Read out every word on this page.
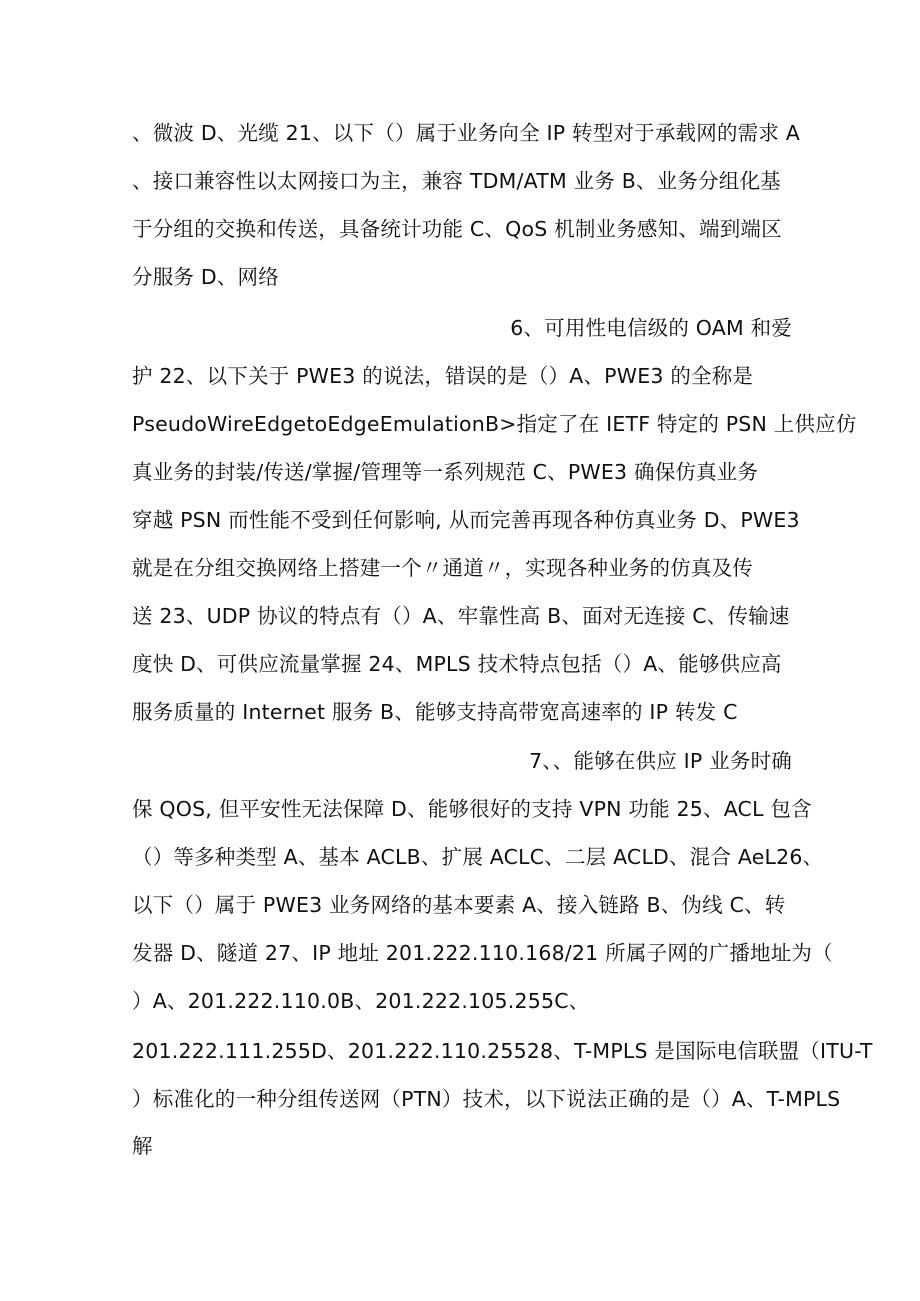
、微波 D、光缆 21、以下（）属于业务向全 IP 转型对于承载网的需求 A
、接口兼容性以太网接口为主，兼容 TDM/ATM 业务 B、业务分组化基
于分组的交换和传送，具备统计功能 C、QoS 机制业务感知、端到端区
分服务 D、网络
6、可用性电信级的 OAM 和爱
护 22、以下关于 PWE3 的说法，错误的是（）A、PWE3 的全称是
PseudoWireEdgetoEdgeEmulationB>指定了在 IETF 特定的 PSN 上供应仿
真业务的封装/传送/掌握/管理等一系列规范 C、PWE3 确保仿真业务
穿越 PSN 而性能不受到任何影响, 从而完善再现各种仿真业务 D、PWE3
就是在分组交换网络上搭建一个〃通道〃，实现各种业务的仿真及传
送 23、UDP 协议的特点有（）A、牢靠性高 B、面对无连接 C、传输速
度快 D、可供应流量掌握 24、MPLS 技术特点包括（）A、能够供应高
服务质量的 Internet 服务 B、能够支持高带宽高速率的 IP 转发 C
7、、能够在供应 IP 业务时确
保 QOS, 但平安性无法保障 D、能够很好的支持 VPN 功能 25、ACL 包含
（）等多种类型 A、基本 ACLB、扩展 ACLC、二层 ACLD、混合 AeL26、
以下（）属于 PWE3 业务网络的基本要素 A、接入链路 B、伪线 C、转
发器 D、隧道 27、IP 地址 201.222.110.168/21 所属子网的广播地址为（
）A、201.222.110.0B、201.222.105.255C、
201.222.111.255D、201.222.110.25528、T-MPLS 是国际电信联盟（ITU-T
）标准化的一种分组传送网（PTN）技术，以下说法正确的是（）A、T-MPLS
解
